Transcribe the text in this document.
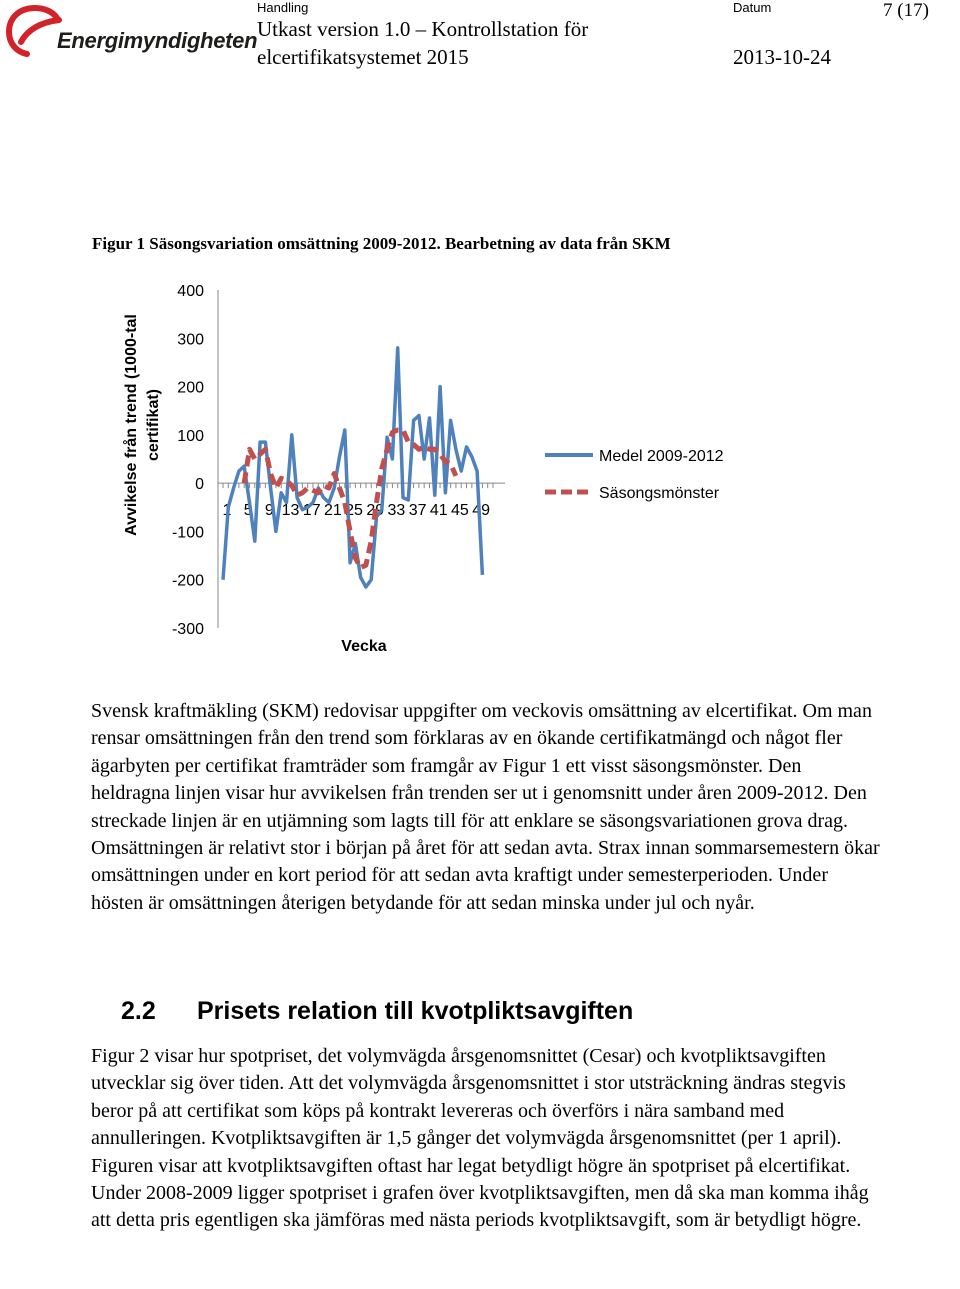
Energimyndigheten
Handling
Utkast version 1.0 – Kontrollstation för
elcertifikatsystemet 2015
Datum
2013-10-24
7 (17)
Figur 1 Säsongsvariation omsättning 2009-2012. Bearbetning av data från SKM
Avvikelse från trend (1000-tal certifikat)
400
300
200
100
0
-100
-200
-300
1 5 9 13 17 21 25 29 33 37 41 45 49
Vecka
Medel 2009-2012
Säsongsmönster
Svensk kraftmäkling (SKM) redovisar uppgifter om veckovis omsättning av elcertifikat. Om man rensar omsättningen från den trend som förklaras av en ökande certifikatmängd och något fler ägarbyten per certifikat framträder som framgår av Figur 1 ett visst säsongsmönster. Den heldragna linjen visar hur avvikelsen från trenden ser ut i genomsnitt under åren 2009-2012. Den streckade linjen är en utjämning som lagts till för att enklare se säsongsvariationen grova drag. Omsättningen är relativt stor i början på året för att sedan avta. Strax innan sommarsemestern ökar omsättningen under en kort period för att sedan avta kraftigt under semesterperioden. Under hösten är omsättningen återigen betydande för att sedan minska under jul och nyår.
2.2 Prisets relation till kvotpliktsavgiften
Figur 2 visar hur spotpriset, det volymvägda årsgenomsnittet (Cesar) och kvotpliktsavgiften utvecklar sig över tiden. Att det volymvägda årsgenomsnittet i stor utsträckning ändras stegvis beror på att certifikat som köps på kontrakt levereras och överförs i nära samband med annulleringen. Kvotpliktsavgiften är 1,5 gånger det volymvägda årsgenomsnittet (per 1 april). Figuren visar att kvotpliktsavgiften oftast har legat betydligt högre än spotpriset på elcertifikat. Under 2008-2009 ligger spotpriset i grafen över kvotpliktsavgiften, men då ska man komma ihåg att detta pris egentligen ska jämföras med nästa periods kvotpliktsavgift, som är betydligt högre.
